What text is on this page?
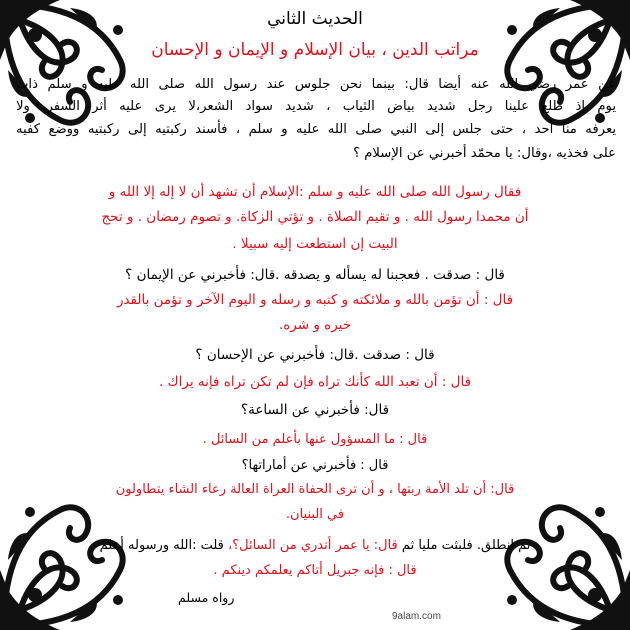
الحديث الثاني
مراتب الدين ، بيان الإسلام و الإيمان و الإحسان
عن عمر رضي الله عنه أيضا قال: بينما نحن جلوس عند رسول الله صلى الله عليه و سلم ذات
يوم إذ طلع علينا رجل شديد بياض الثياب ، شديد سواد الشعر،لا يرى عليه أثر السفر، ولا
يعرفه منا أحد ، حتى جلس إلى النبي صلى الله عليه و سلم ، فأسند ركبتيه إلى ركبتيه ووضع كفيه
على فخذيه ،وقال: يا محمّد أخبرني عن الإسلام ؟
فقال رسول الله صلى الله عليه و سلم :الإسلام أن تشهد أن لا إله إلا الله و
أن محمدا رسول الله . و تقيم الصلاة . و تؤتي الزكاة. و تصوم رمضان . و تحج
البيت إن استطعت إليه سبيلا .
قال : صدقت . فعجبنا له يسأله و يصدقه .قال: فأخبرني عن الإيمان ؟
قال : أن تؤمن بالله و ملائكته و كتبه و رسله و اليوم الآخر و تؤمن بالقدر
خيره و شره.
قال : صدقت .قال: فأخبرني عن الإحسان ؟
قال : أن تعبد الله كأنك تراه فإن لم تكن تراه فإنه يراك .
قال: فأخبرني عن الساعة؟
قال : ما المسؤول عنها بأعلم من السائل .
قال : فأخبرني عن أماراتها؟
قال: أن تلد الأمة ربتها ، و أن ترى الحفاة العراة العالة رعاء الشاء يتطاولون
في البنيان.
ثم انطلق. فلبثت مليا ثم قال: يا عمر أتدري من السائل؟، قلت :الله ورسوله أعلم
قال : فإنه جبريل أتاكم يعلمكم دينكم .
رواه مسلم
9alam.com
